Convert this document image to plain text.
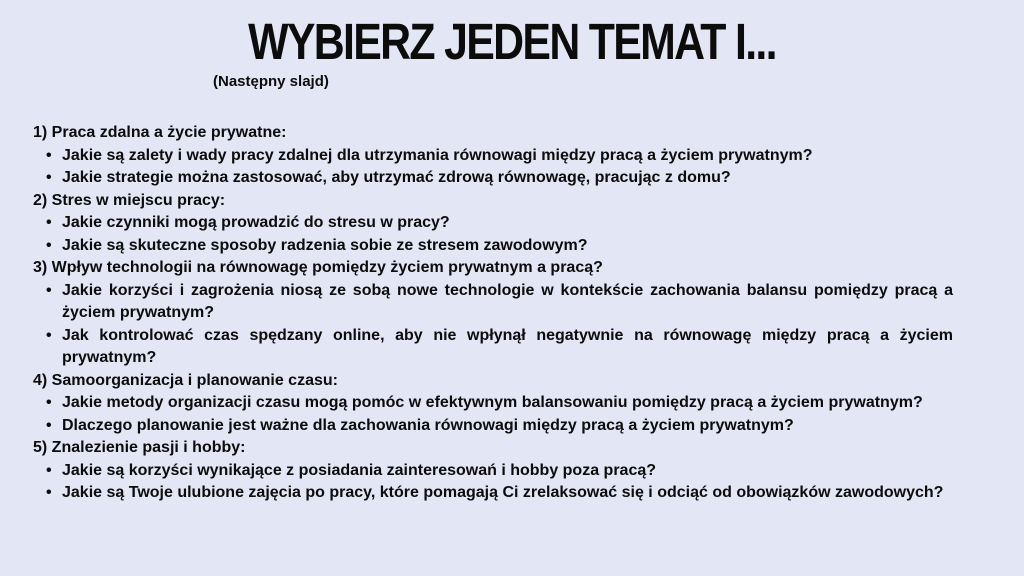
WYBIERZ JEDEN TEMAT I...
(Następny slajd)
1) Praca zdalna a życie prywatne:
• Jakie są zalety i wady pracy zdalnej dla utrzymania równowagi między pracą a życiem prywatnym?
• Jakie strategie można zastosować, aby utrzymać zdrową równowagę, pracując z domu?
2) Stres w miejscu pracy:
• Jakie czynniki mogą prowadzić do stresu w pracy?
• Jakie są skuteczne sposoby radzenia sobie ze stresem zawodowym?
3) Wpływ technologii na równowagę pomiędzy życiem prywatnym a pracą?
• Jakie korzyści i zagrożenia niosą ze sobą nowe technologie w kontekście zachowania balansu pomiędzy pracą a życiem prywatnym?
• Jak kontrolować czas spędzany online, aby nie wpłynął negatywnie na równowagę między pracą a życiem prywatnym?
4) Samoorganizacja i planowanie czasu:
• Jakie metody organizacji czasu mogą pomóc w efektywnym balansowaniu pomiędzy pracą a życiem prywatnym?
• Dlaczego planowanie jest ważne dla zachowania równowagi między pracą a życiem prywatnym?
5) Znalezienie pasji i hobby:
• Jakie są korzyści wynikające z posiadania zainteresowań i hobby poza pracą?
• Jakie są Twoje ulubione zajęcia po pracy, które pomagają Ci zrelaksować się i odciąć od obowiązków zawodowych?
